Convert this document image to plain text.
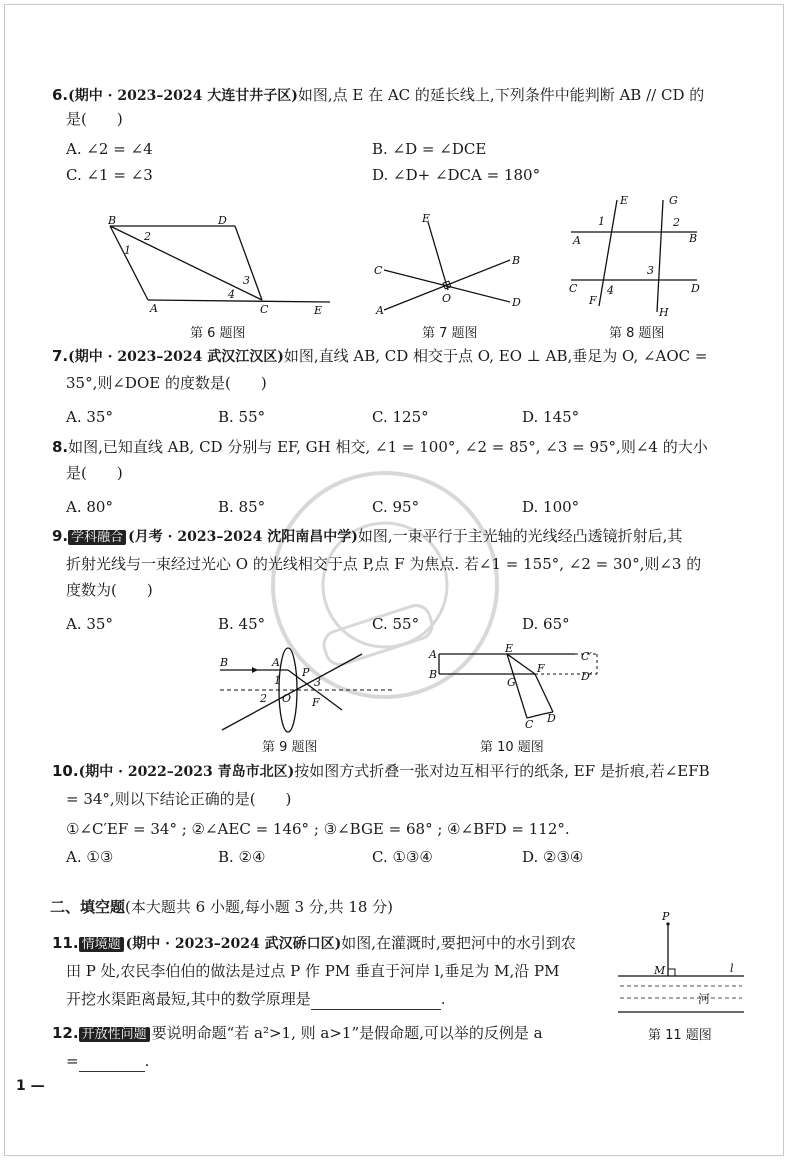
6.(期中 · 2023–2024 大连甘井子区)如图,点 E 在 AC 的延长线上,下列条件中能判断 AB // CD 的
是(　　)
A. ∠2 = ∠4	B. ∠D = ∠DCE
C. ∠1 = ∠3	D. ∠D+ ∠DCA = 180°
B	D
A	C	E
2
1
3
4
第 6 题图
E
C
B
A
D
O
第 7 题图
A	B
C	D
E	G
F
H
1	2
3
4
第 8 题图
7.(期中 · 2023–2024 武汉江汉区)如图,直线 AB, CD 相交于点 O, EO ⊥ AB,垂足为 O, ∠AOC =
35°,则∠DOE 的度数是(　　)
A. 35°	B. 55°	C. 125°	D. 145°
8.如图,已知直线 AB, CD 分别与 EF, GH 相交, ∠1 = 100°, ∠2 = 85°, ∠3 = 95°,则∠4 的大小
是(　　)
A. 80°	B. 85°	C. 95°	D. 100°
9. 学科融合 (月考 · 2023–2024 沈阳南昌中学)如图,一束平行于主光轴的光线经凸透镜折射后,其
折射光线与一束经过光心 O 的光线相交于点 P,点 F 为焦点. 若∠1 = 155°, ∠2 = 30°,则∠3 的
度数为(　　)
A. 35°	B. 45°	C. 55°	D. 65°
B	A
P
O F
1	3
2
第 9 题图
A
B
E
F
G
C′
D′
C D
第 10 题图
10.(期中 · 2022–2023 青岛市北区)按如图方式折叠一张对边互相平行的纸条, EF 是折痕,若∠EFB
= 34°,则以下结论正确的是(　　)
①∠C′EF = 34° ; ②∠AEC = 146° ; ③∠BGE = 68° ; ④∠BFD = 112°.
A. ①③	B. ②④	C. ①③④	D. ②③④
二、填空题(本大题共 6 小题,每小题 3 分,共 18 分)
11. 情境题 (期中 · 2023–2024 武汉硚口区)如图,在灌溉时,要把河中的水引到农
田 P 处,农民李伯伯的做法是过点 P 作 PM 垂直于河岸 l,垂足为 M,沿 PM
开挖水渠距离最短,其中的数学原理是	.
P
M	l
河
第 11 题图
12. 开放性问题 要说明命题“若 a²>1, 则 a>1”是假命题,可以举的反例是 a
=	.
1 —
